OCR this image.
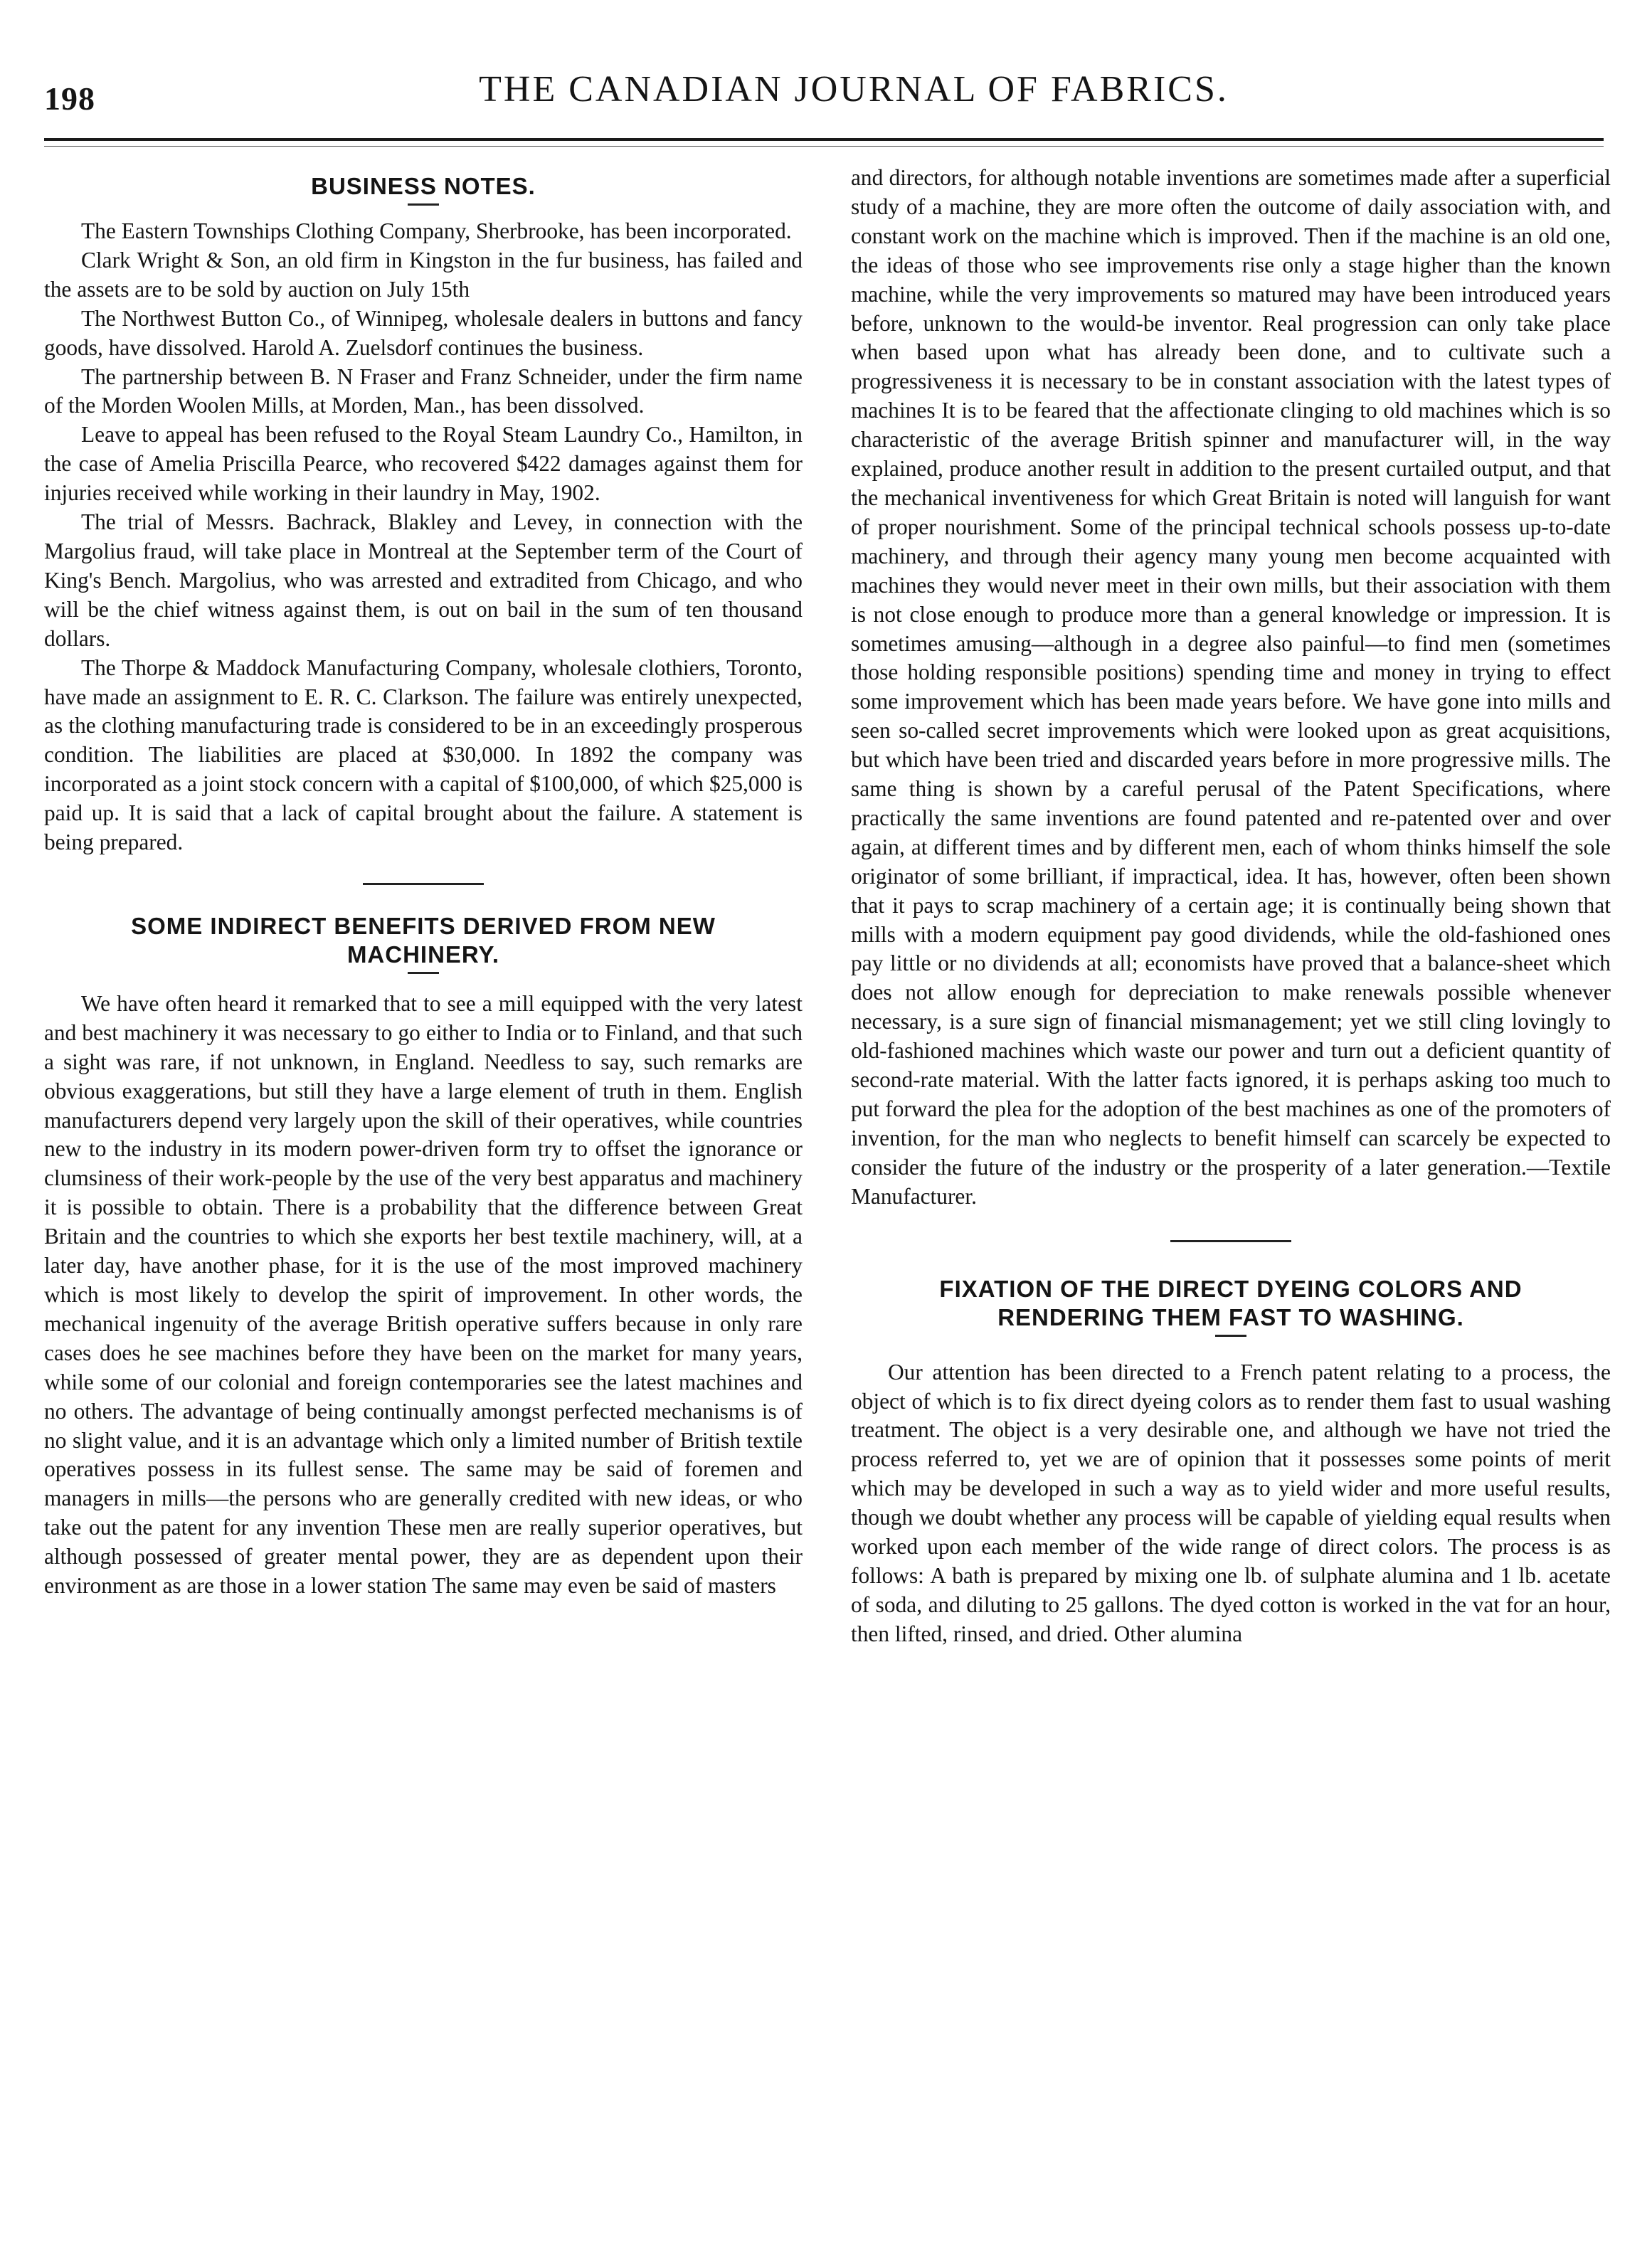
198	THE CANADIAN JOURNAL OF FABRICS.
BUSINESS NOTES.

The Eastern Townships Clothing Company, Sherbrooke, has been incorporated.

Clark Wright & Son, an old firm in Kingston in the fur business, has failed and the assets are to be sold by auction on July 15th

The Northwest Button Co., of Winnipeg, wholesale dealers in buttons and fancy goods, have dissolved. Harold A. Zuelsdorf continues the business.

The partnership between B. N Fraser and Franz Schneider, under the firm name of the Morden Woolen Mills, at Morden, Man., has been dissolved.

Leave to appeal has been refused to the Royal Steam Laundry Co., Hamilton, in the case of Amelia Priscilla Pearce, who recovered $422 damages against them for injuries received while working in their laundry in May, 1902.

The trial of Messrs. Bachrack, Blakley and Levey, in connection with the Margolius fraud, will take place in Montreal at the September term of the Court of King's Bench. Margolius, who was arrested and extradited from Chicago, and who will be the chief witness against them, is out on bail in the sum of ten thousand dollars.

The Thorpe & Maddock Manufacturing Company, wholesale clothiers, Toronto, have made an assignment to E. R. C. Clarkson. The failure was entirely unexpected, as the clothing manufacturing trade is considered to be in an exceedingly prosperous condition. The liabilities are placed at $30,000. In 1892 the company was incorporated as a joint stock concern with a capital of $100,000, of which $25,000 is paid up. It is said that a lack of capital brought about the failure. A statement is being prepared.

SOME INDIRECT BENEFITS DERIVED FROM NEW MACHINERY.

We have often heard it remarked that to see a mill equipped with the very latest and best machinery it was necessary to go either to India or to Finland, and that such a sight was rare, if not unknown, in England. Needless to say, such remarks are obvious exaggerations, but still they have a large element of truth in them. English manufacturers depend very largely upon the skill of their operatives, while countries new to the industry in its modern power-driven form try to offset the ignorance or clumsiness of their work-people by the use of the very best apparatus and machinery it is possible to obtain. There is a probability that the difference between Great Britain and the countries to which she exports her best textile machinery, will, at a later day, have another phase, for it is the use of the most improved machinery which is most likely to develop the spirit of improvement. In other words, the mechanical ingenuity of the average British operative suffers because in only rare cases does he see machines before they have been on the market for many years, while some of our colonial and foreign contemporaries see the latest machines and no others. The advantage of being continually amongst perfected mechanisms is of no slight value, and it is an advantage which only a limited number of British textile operatives possess in its fullest sense. The same may be said of foremen and managers in mills—the persons who are generally credited with new ideas, or who take out the patent for any invention These men are really superior operatives, but although possessed of greater mental power, they are as dependent upon their environment as are those in a lower station The same may even be said of masters

and directors, for although notable inventions are sometimes made after a superficial study of a machine, they are more often the outcome of daily association with, and constant work on the machine which is improved. Then if the machine is an old one, the ideas of those who see improvements rise only a stage higher than the known machine, while the very improvements so matured may have been introduced years before, unknown to the would-be inventor. Real progression can only take place when based upon what has already been done, and to cultivate such a progressiveness it is necessary to be in constant association with the latest types of machines It is to be feared that the affectionate clinging to old machines which is so characteristic of the average British spinner and manufacturer will, in the way explained, produce another result in addition to the present curtailed output, and that the mechanical inventiveness for which Great Britain is noted will languish for want of proper nourishment. Some of the principal technical schools possess up-to-date machinery, and through their agency many young men become acquainted with machines they would never meet in their own mills, but their association with them is not close enough to produce more than a general knowledge or impression. It is sometimes amusing—although in a degree also painful—to find men (sometimes those holding responsible positions) spending time and money in trying to effect some improvement which has been made years before. We have gone into mills and seen so-called secret improvements which were looked upon as great acquisitions, but which have been tried and discarded years before in more progressive mills. The same thing is shown by a careful perusal of the Patent Specifications, where practically the same inventions are found patented and re-patented over and over again, at different times and by different men, each of whom thinks himself the sole originator of some brilliant, if impractical, idea. It has, however, often been shown that it pays to scrap machinery of a certain age; it is continually being shown that mills with a modern equipment pay good dividends, while the old-fashioned ones pay little or no dividends at all; economists have proved that a balance-sheet which does not allow enough for depreciation to make renewals possible whenever necessary, is a sure sign of financial mismanagement; yet we still cling lovingly to old-fashioned machines which waste our power and turn out a deficient quantity of second-rate material. With the latter facts ignored, it is perhaps asking too much to put forward the plea for the adoption of the best machines as one of the promoters of invention, for the man who neglects to benefit himself can scarcely be expected to consider the future of the industry or the prosperity of a later generation.—Textile Manufacturer.

FIXATION OF THE DIRECT DYEING COLORS AND RENDERING THEM FAST TO WASHING.

Our attention has been directed to a French patent relating to a process, the object of which is to fix direct dyeing colors as to render them fast to usual washing treatment. The object is a very desirable one, and although we have not tried the process referred to, yet we are of opinion that it possesses some points of merit which may be developed in such a way as to yield wider and more useful results, though we doubt whether any process will be capable of yielding equal results when worked upon each member of the wide range of direct colors. The process is as follows: A bath is prepared by mixing one lb. of sulphate alumina and 1 lb. acetate of soda, and diluting to 25 gallons. The dyed cotton is worked in the vat for an hour, then lifted, rinsed, and dried. Other alumina
